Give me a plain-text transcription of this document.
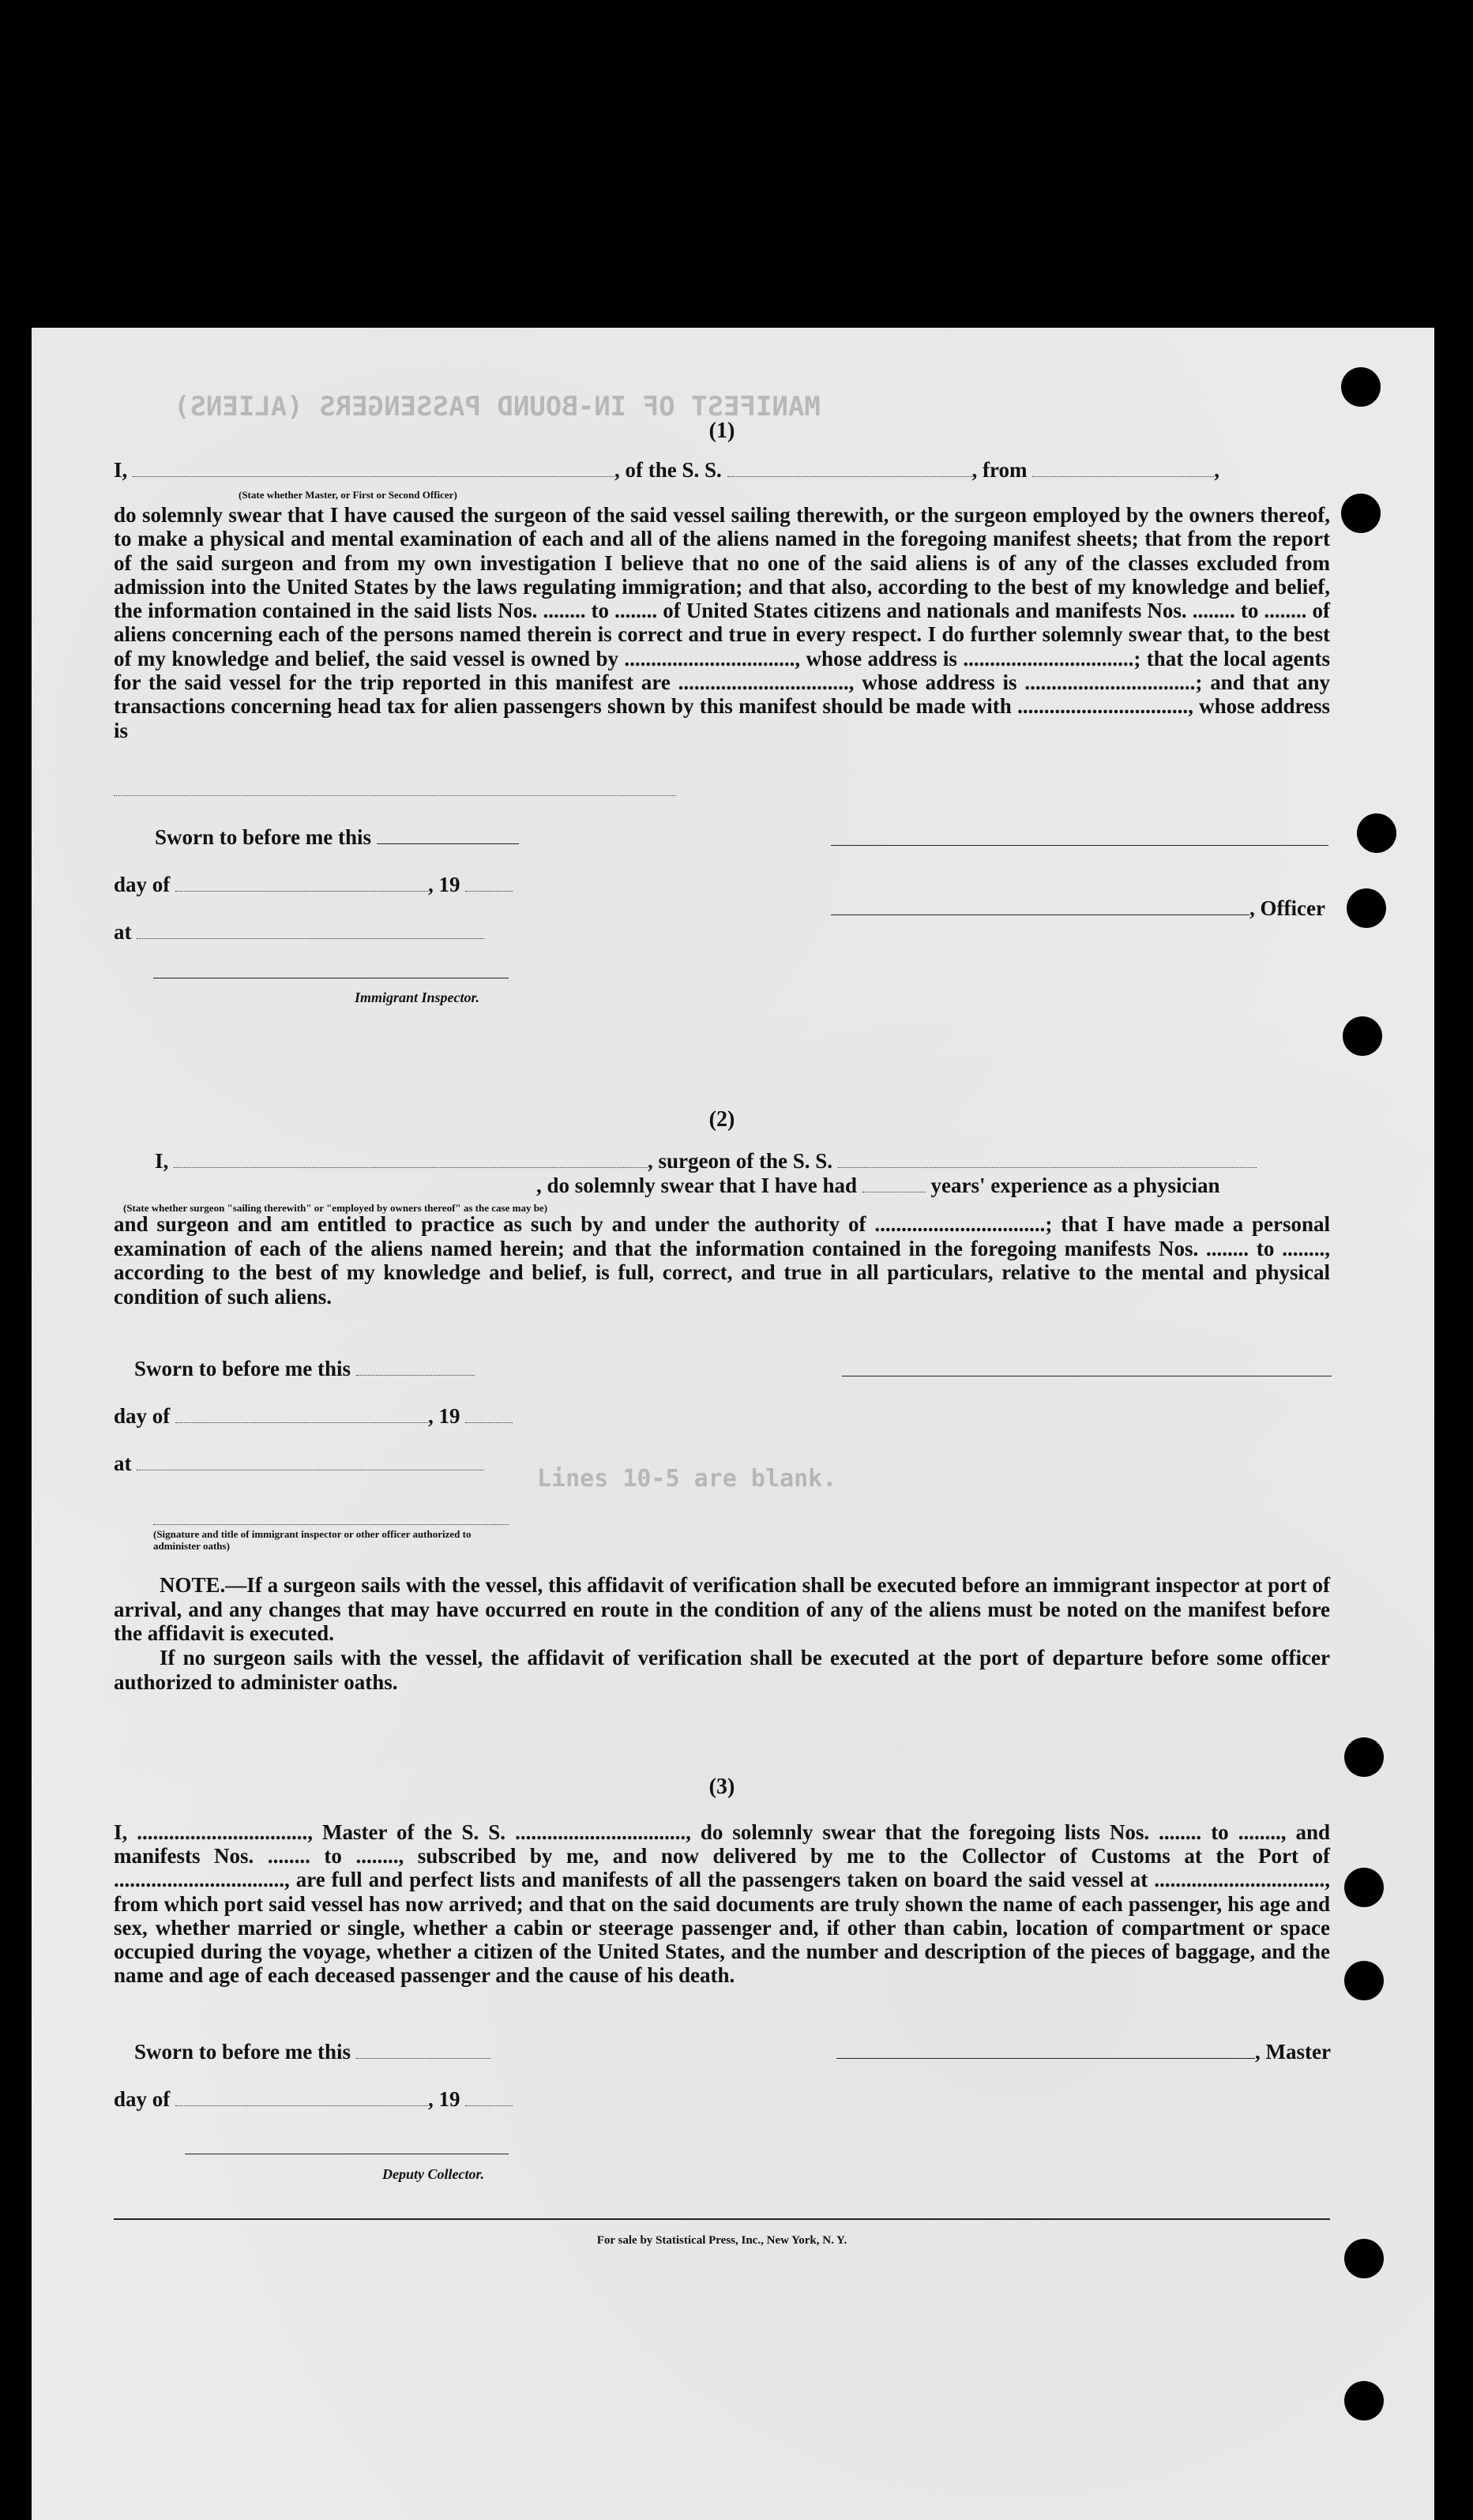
MANIFEST OF IN-BOUND PASSENGERS (ALIENS)
Lines 10-5 are blank.
(1)
I,	, of the S. S.	, from	,
(State whether Master, or First or Second Officer)
do solemnly swear that I have caused the surgeon of the said vessel sailing therewith, or the surgeon employed by the owners thereof, to make a physical and mental examination of each and all of the aliens named in the foregoing manifest sheets; that from the report of the said surgeon and from my own investigation I believe that no one of the said aliens is of any of the classes excluded from admission into the United States by the laws regulating immigration; and that also, according to the best of my knowledge and belief, the information contained in the said lists Nos. ........ to ........ of United States citizens and nationals and manifests Nos. ........ to ........ of aliens concerning each of the persons named therein is correct and true in every respect. I do further solemnly swear that, to the best of my knowledge and belief, the said vessel is owned by ................................, whose address is ................................; that the local agents for the said vessel for the trip reported in this manifest are ................................, whose address is ................................; and that any transactions concerning head tax for alien passengers shown by this manifest should be made with ................................, whose address is
Sworn to before me this
day of	, 19
, Officer
at
Immigrant Inspector.
(2)
I,	, surgeon of the S. S.
, do solemnly swear that I have had	years' experience as a physician
(State whether surgeon "sailing therewith" or "employed by owners thereof" as the case may be)
and surgeon and am entitled to practice as such by and under the authority of ................................; that I have made a personal examination of each of the aliens named herein; and that the information contained in the foregoing manifests Nos. ........ to ........, according to the best of my knowledge and belief, is full, correct, and true in all particulars, relative to the mental and physical condition of such aliens.
Sworn to before me this
day of	, 19
at
(Signature and title of immigrant inspector or other officer authorized to administer oaths)
NOTE.—If a surgeon sails with the vessel, this affidavit of verification shall be executed before an immigrant inspector at port of arrival, and any changes that may have occurred en route in the condition of any of the aliens must be noted on the manifest before the affidavit is executed.
If no surgeon sails with the vessel, the affidavit of verification shall be executed at the port of departure before some officer authorized to administer oaths.
(3)
I, ................................, Master of the S. S. ................................, do solemnly swear that the foregoing lists Nos. ........ to ........, and manifests Nos. ........ to ........, subscribed by me, and now delivered by me to the Collector of Customs at the Port of ................................, are full and perfect lists and manifests of all the passengers taken on board the said vessel at ................................, from which port said vessel has now arrived; and that on the said documents are truly shown the name of each passenger, his age and sex, whether married or single, whether a cabin or steerage passenger and, if other than cabin, location of compartment or space occupied during the voyage, whether a citizen of the United States, and the number and description of the pieces of baggage, and the name and age of each deceased passenger and the cause of his death.
Sworn to before me this	, Master
day of	, 19
Deputy Collector.
For sale by Statistical Press, Inc., New York, N. Y.
